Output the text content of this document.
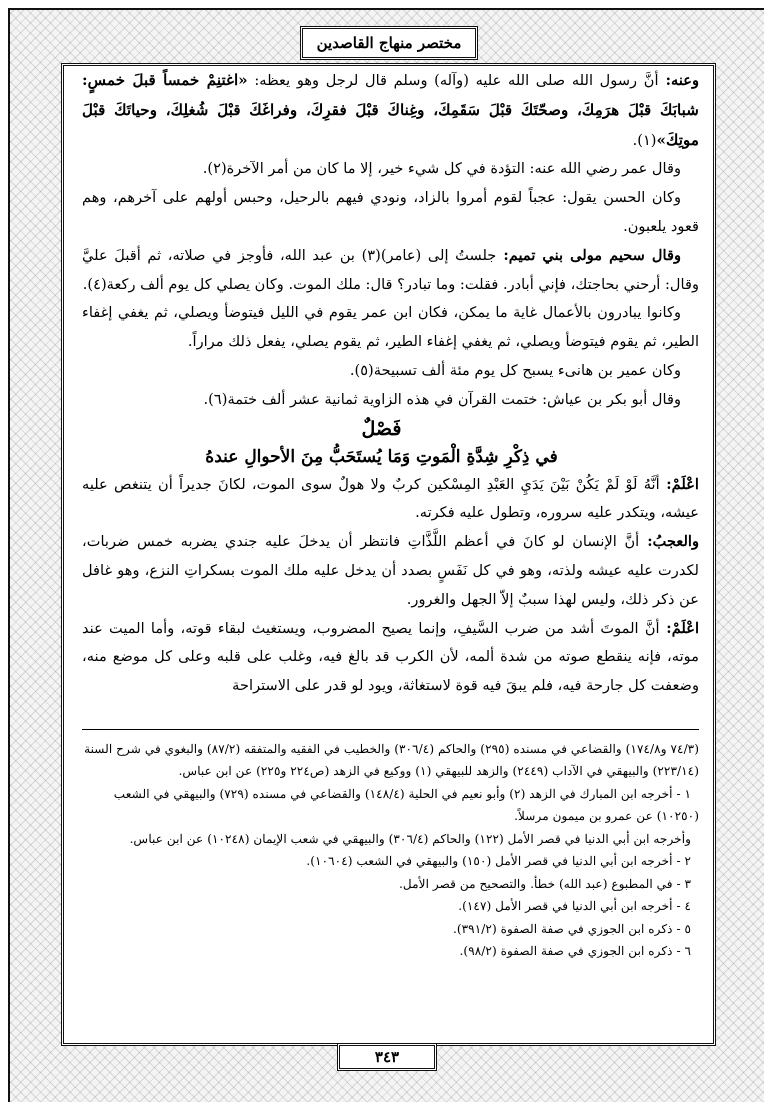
مختصر منهاج القاصدين

وعنه: أنَّ رسول الله صلى الله عليه (وآله) وسلم قال لرجل وهو يعظه: «اغتنِمْ خمساً قبلَ خمسٍ: شبابَكَ قبْلَ هرَمِكَ، وصحّتَكَ قبْلَ سَقَمِكَ، وغِناكَ قبْلَ فقرِكَ، وفراغَكَ قبْلَ شُغلِكَ، وحياتَكَ قبْلَ موتِكَ»(١).

وقال عمر رضي الله عنه: التؤدة في كل شيء خير، إلا ما كان من أمر الآخرة(٢).

وكان الحسن يقول: عجباً لقوم أمروا بالزاد، ونودي فيهم بالرحيل، وحبس أولهم على آخرهم، وهم قعود يلعبون.

وقال سحيم مولى بني تميم: جلستُ إلى (عامر)(٣) بن عبد الله، فأوجز في صلاته، ثم أقبلَ عليَّ وقال: أرحني بحاجتك، فإني أبادر. فقلت: وما تبادر؟ قال: ملك الموت. وكان يصلي كل يوم ألف ركعة(٤).

وكانوا يبادرون بالأعمال غاية ما يمكن، فكان ابن عمر يقوم في الليل فيتوضأ ويصلي، ثم يغفي إغفاء الطير، ثم يقوم فيتوضأ ويصلي، ثم يغفي إغفاء الطير، ثم يقوم يصلي، يفعل ذلك مراراً.

وكان عمير بن هانىء يسبح كل يوم مئة ألف تسبيحة(٥).

وقال أبو بكر بن عياش: ختمت القرآن في هذه الزاوية ثمانية عشر ألف ختمة(٦).

فَصْلٌ

في ذِكْرِ شِدَّةِ الْمَوتِ وَمَا يُستَحَبُّ مِنَ الأحوالِ عندهُ

اعْلَمْ: أنَّهُ لَوْ لَمْ يَكُنْ بَيْنَ يَدَيِ العَبْدِ المِسْكين كربٌ ولا هولٌ سوى الموت، لكانَ جديراً أن يتنغص عليه عيشه، ويتكدر عليه سروره، وتطول عليه فكرته.

والعجبُ: أنَّ الإنسان لو كانَ في أعظم اللَّذَّاتِ فانتظر أن يدخلَ عليه جندي يضربه خمس ضربات، لكدرت عليه عيشه ولذته، وهو في كل نَفَسٍ بصدد أن يدخل عليه ملك الموت بسكراتِ النزع، وهو غافل عن ذكر ذلك، وليس لهذا سببٌ إلاّ الجهل والغرور.

اعْلَمْ: أنَّ الموتَ أشد من ضرب السَّيفِ، وإنما يصيح المضروب، ويستغيث لبقاء قوته، وأما الميت عند موته، فإنه ينقطع صوته من شدة ألمه، لأن الكرب قد بالغ فيه، وغلب على قلبه وعلى كل موضع منه، وضعفت كل جارحة فيه، فلم يبقَ فيه قوة لاستغاثة، ويود لو قدر على الاستراحة

(٧٤/٣ و١٧٤/٨) والقضاعي في مسنده (٢٩٥) والحاكم (٣٠٦/٤) والخطيب في الفقيه والمتفقه (٨٧/٢) والبغوي في شرح السنة (٢٢٣/١٤) والبيهقي في الآداب (٢٤٤٩) والزهد للبيهقي (١) ووكيع في الزهد (ص٢٢٤ و٢٢٥) عن ابن عباس.
١ - أخرجه ابن المبارك في الزهد (٢) وأبو نعيم في الحلية (١٤٨/٤) والقضاعي في مسنده (٧٢٩) والبيهقي في الشعب (١٠٢٥٠) عن عمرو بن ميمون مرسلاً.
وأخرجه ابن أبي الدنيا في قصر الأمل (١٢٢) والحاكم (٣٠٦/٤) والبيهقي في شعب الإيمان (١٠٢٤٨) عن ابن عباس.
٢ - أخرجه ابن أبي الدنيا في قصر الأمل (١٥٠) والبيهقي في الشعب (١٠٦٠٤).
٣ - في المطبوع (عبد الله) خطأ. والتصحيح من قصر الأمل.
٤ - أخرجه ابن أبي الدنيا في قصر الأمل (١٤٧).
٥ - ذكره ابن الجوزي في صفة الصفوة (٣٩١/٢).
٦ - ذكره ابن الجوزي في صفة الصفوة (٩٨/٢).
٣٤٣
